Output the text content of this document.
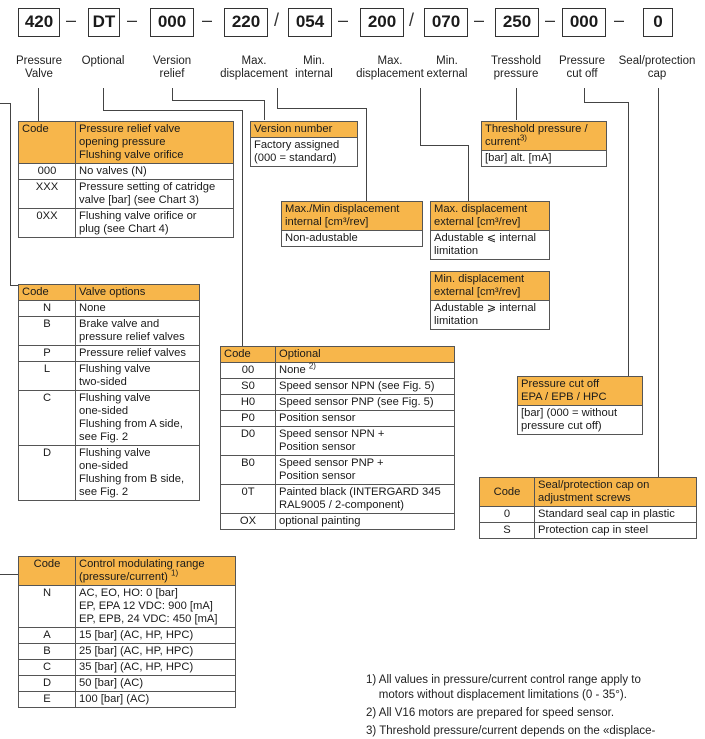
420 – DT –	000 –	220 / 054 –	200 /	070 –	250 – 000 –	0
Pressure
Valve
Optional	Version
relief
Max.
displacement
Min.
internal
Max.
displacement
Min.
external
Tresshold
pressure
Pressure
cut off
Seal/protection
cap
Code	Pressure relief valve
opening pressure
Flushing valve orifice
000	No valves (N)
XXX	Pressure setting of catridge
valve [bar] (see Chart 3)
0XX	Flushing valve orifice or
plug (see Chart 4)
Code	Valve options
N	None
B	Brake valve and
pressure relief valves
P	Pressure relief valves
L	Flushing valve
two-sided
C	Flushing valve
one-sided
Flushing from A side,
see Fig. 2
D	Flushing valve
one-sided
Flushing from B side,
see Fig. 2
Version number
Factory assigned
(000 = standard)
Max./Min displacement
internal [cm³/rev]
Non-adustable
Max. displacement
external [cm³/rev]
Adustable ⩽ internal
limitation
Min. displacement
external [cm³/rev]
Adustable ⩾ internal
limitation
Threshold pressure /
current$^{3)}$
[bar] alt. [mA]
Code	Optional
00	None $^{2)}$
S0	Speed sensor NPN (see Fig. 5)
H0	Speed sensor PNP (see Fig. 5)
P0	Position sensor
D0	Speed sensor NPN +
Position sensor
B0	Speed sensor PNP +
Position sensor
0T	Painted black (INTERGARD 345
RAL9005 / 2-component)
OX	optional painting
Pressure cut off
EPA / EPB / HPC
[bar] (000 = without
pressure cut off)
Code	Seal/protection cap on
adjustment screws
0	Standard seal cap in plastic
S	Protection cap in steel
Code	Control modulating range
(pressure/current) $^{1)}$
N	AC, EO, HO: 0 [bar]
EP, EPA 12 VDC: 900 [mA]
EP, EPB, 24 VDC: 450 [mA]
A	15 [bar] (AC, HP, HPC)
B	25 [bar] (AC, HP, HPC)
C	35 [bar] (AC, HP, HPC)
D	50 [bar] (AC)
E	100 [bar] (AC)
1) All values in pressure/current control range apply to
motors without displacement limitations (0 - 35°).
2) All V16 motors are prepared for speed sensor.
3) Threshold pressure/current depends on the «displace-
